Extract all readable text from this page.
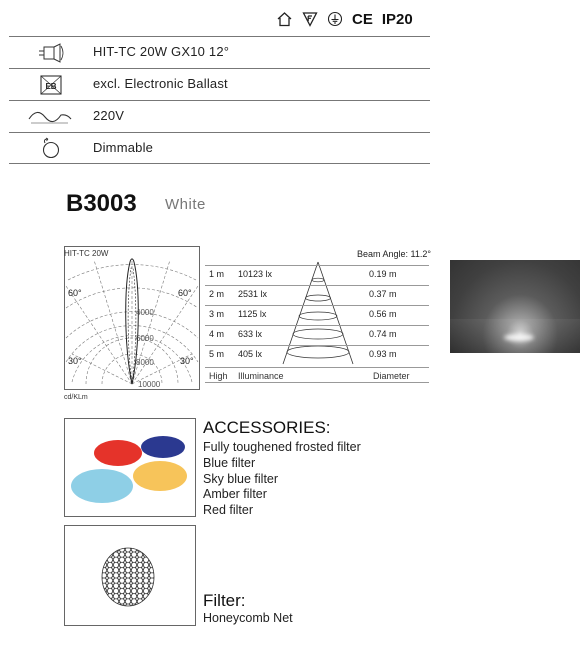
CE IP20
HIT-TC 20W GX10 12°
EB	excl. Electronic Ballast
220V
Dimmable
B3003 White
60°	60°
30°	30°
4000
6000
8000
10000
HIT-TC 20W
cd/KLm
Beam Angle: 11.2°
1 m 10123 lx	0.19 m
2 m 2531 lx	0.37 m
3 m 1125 lx	0.56 m
4 m 633 lx	0.74 m
5 m 405 lx	0.93 m
High Illuminance	Diameter
ACCESSORIES:
Fully toughened frosted filter
Blue filter
Sky blue filter
Amber filter
Red filter
Filter:
Honeycomb Net
